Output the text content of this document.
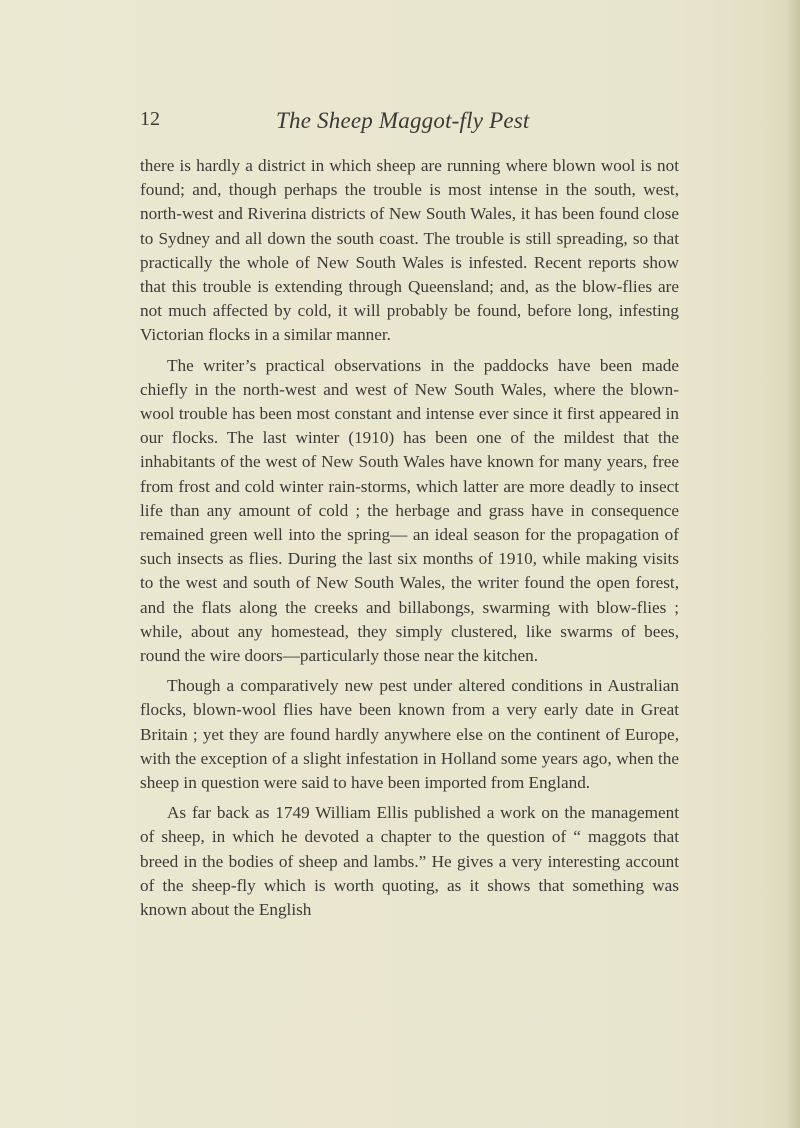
12	The Sheep Maggot-fly Pest

there is hardly a district in which sheep are running where blown wool is not found; and, though perhaps the trouble is most intense in the south, west, north-west and Riverina districts of New South Wales, it has been found close to Sydney and all down the south coast. The trouble is still spreading, so that practically the whole of New South Wales is infested. Recent reports show that this trouble is extending through Queensland; and, as the blow-flies are not much affected by cold, it will probably be found, before long, infesting Victorian flocks in a similar manner.

The writer’s practical observations in the paddocks have been made chiefly in the north-west and west of New South Wales, where the blown-wool trouble has been most constant and intense ever since it first appeared in our flocks. The last winter (1910) has been one of the mildest that the inhabitants of the west of New South Wales have known for many years, free from frost and cold winter rain-storms, which latter are more deadly to insect life than any amount of cold ; the herbage and grass have in consequence remained green well into the spring— an ideal season for the propagation of such insects as flies. During the last six months of 1910, while making visits to the west and south of New South Wales, the writer found the open forest, and the flats along the creeks and billabongs, swarming with blow-flies ; while, about any homestead, they simply clustered, like swarms of bees, round the wire doors—particularly those near the kitchen.

Though a comparatively new pest under altered conditions in Australian flocks, blown-wool flies have been known from a very early date in Great Britain ; yet they are found hardly anywhere else on the continent of Europe, with the exception of a slight infestation in Holland some years ago, when the sheep in question were said to have been imported from England.

As far back as 1749 William Ellis published a work on the management of sheep, in which he devoted a chapter to the question of “ maggots that breed in the bodies of sheep and lambs.” He gives a very interesting account of the sheep-fly which is worth quoting, as it shows that something was known about the English
